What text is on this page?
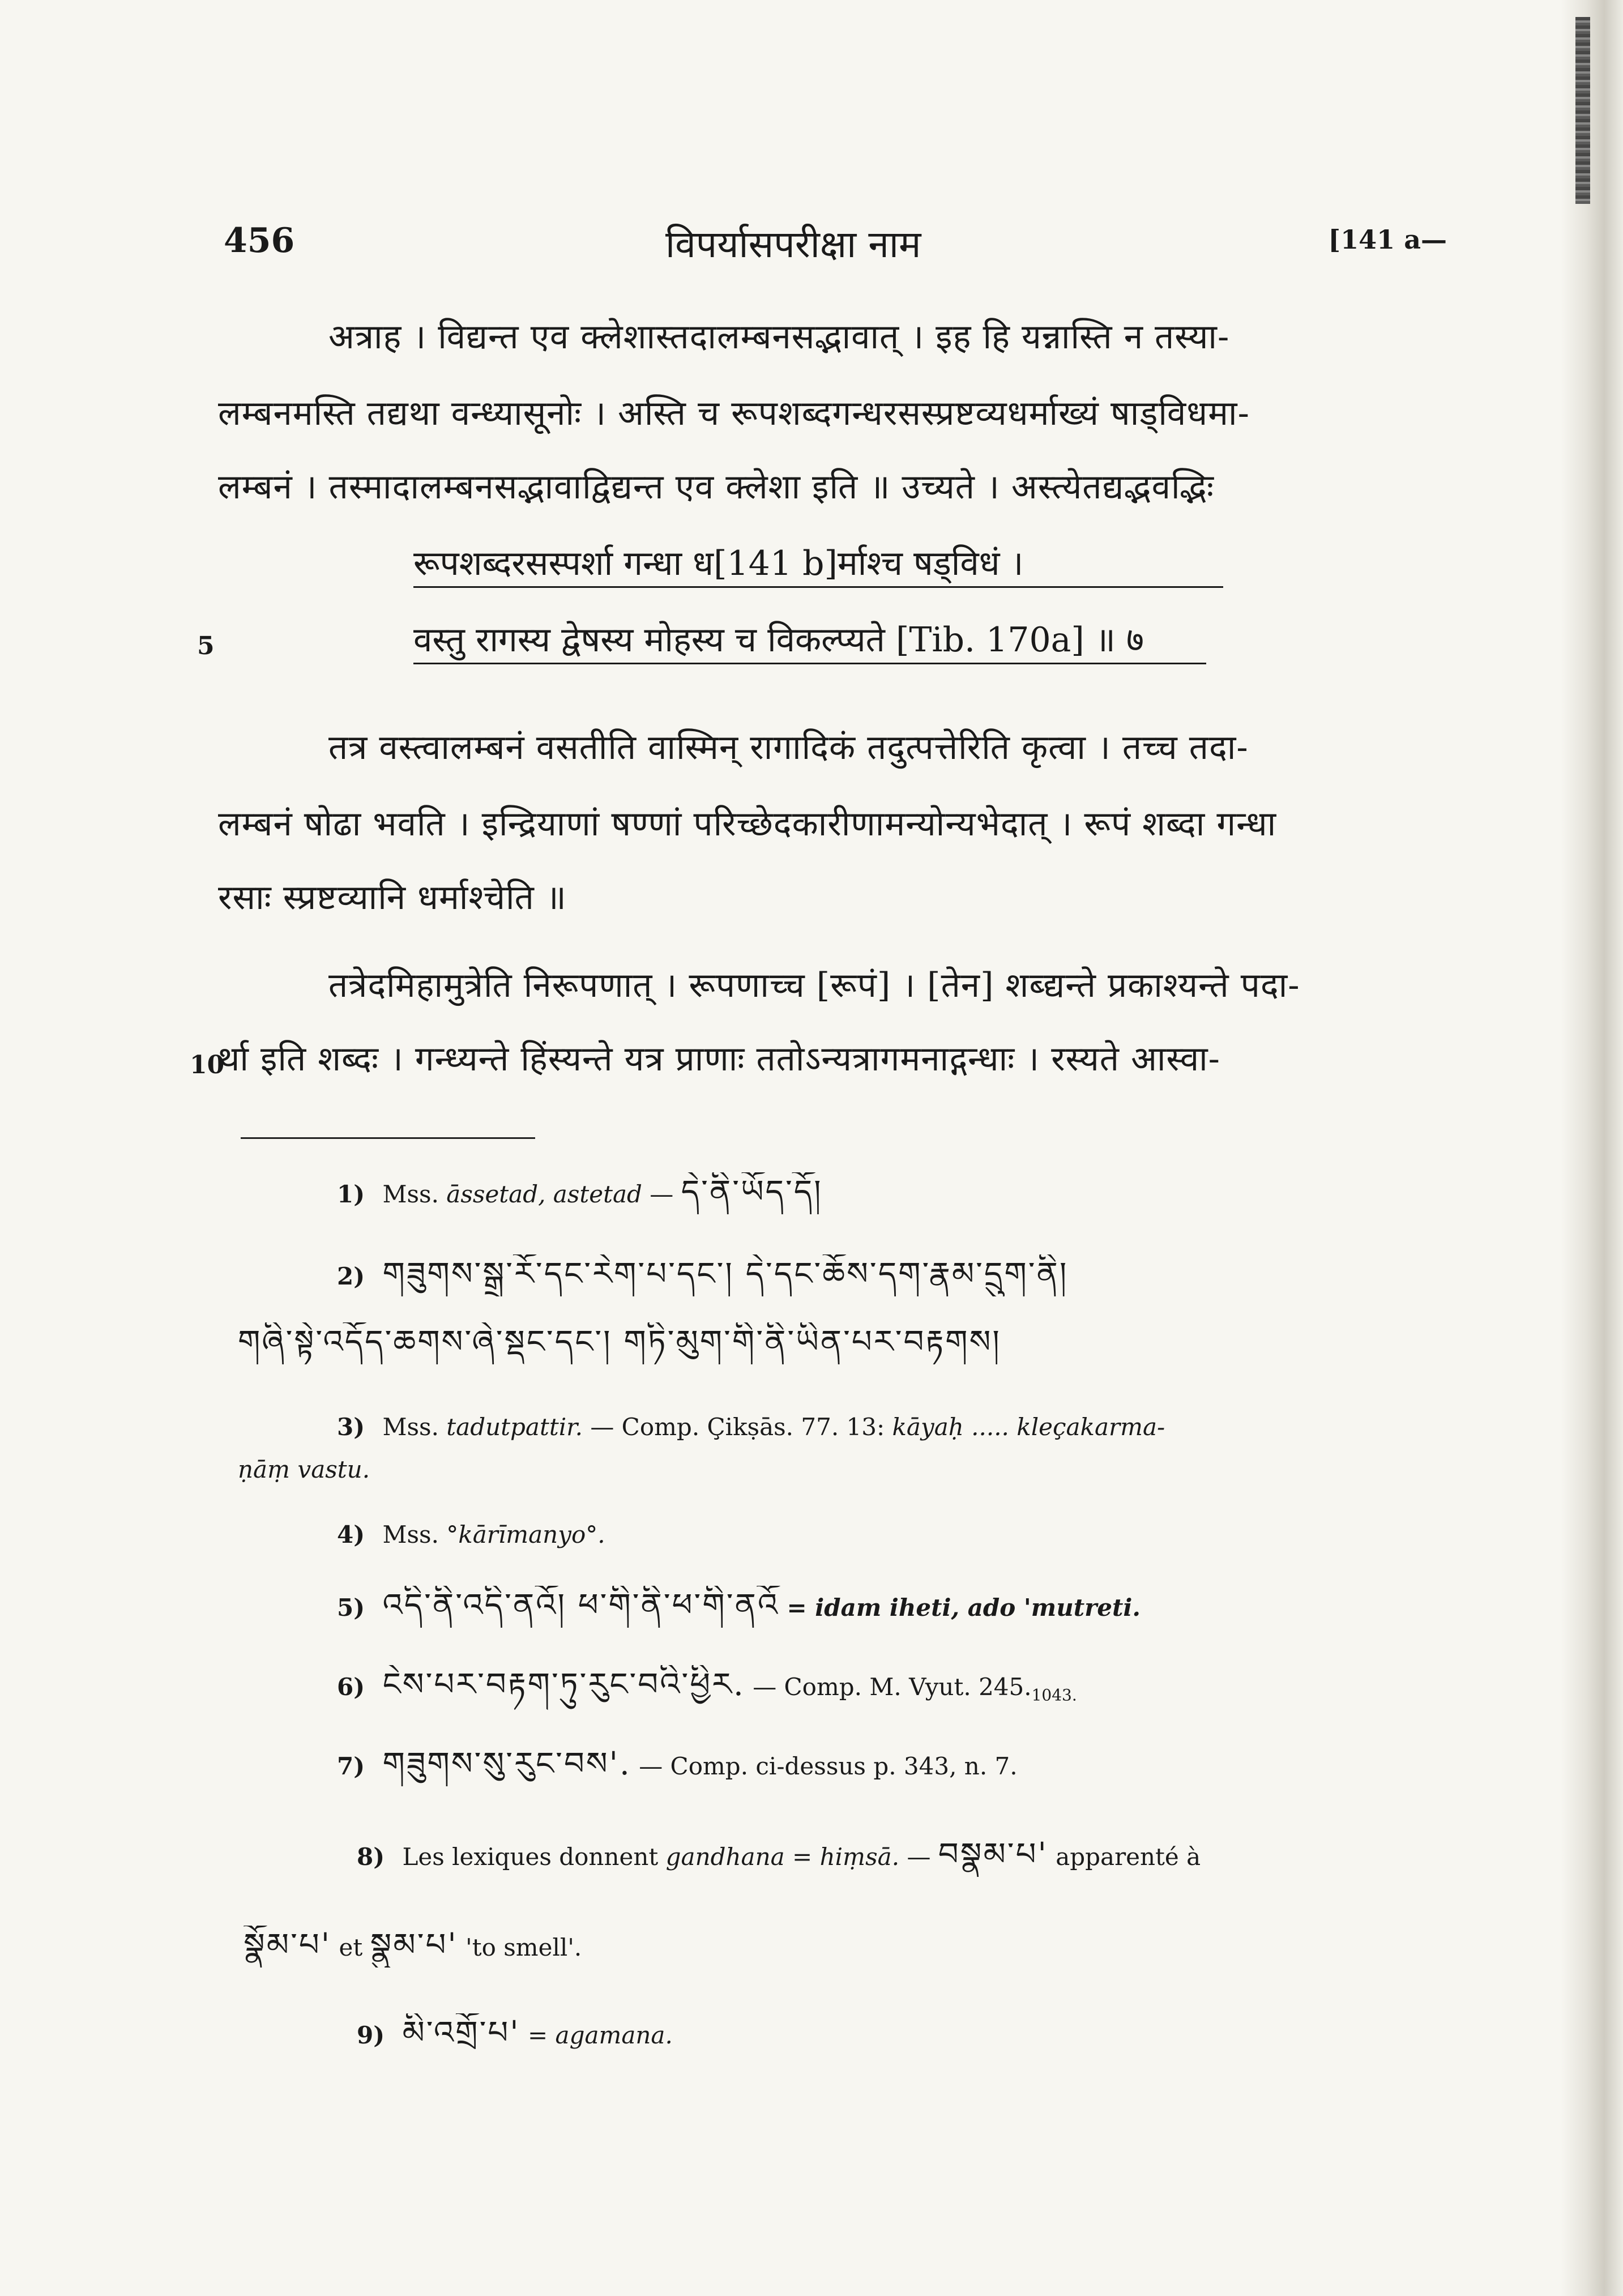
456	विपर्यासपरीक्षा नाम	[141 a—
अत्राह । विद्यन्त एव क्लेशास्तदालम्बनसद्भावात् । इह हि यन्नास्ति न तस्या-
लम्बनमस्ति तद्यथा वन्ध्यासूनोः । अस्ति च रूपशब्दगन्धरसस्प्रष्टव्यधर्माख्यं षाड्विधमा-
लम्बनं । तस्मादालम्बनसद्भावाद्विद्यन्त एव क्लेशा इति ॥ उच्यते । अस्त्येतद्यद्भवद्भिः
रूपशब्दरसस्पर्शा गन्धा ध[141 b]र्माश्च षड्विधं ।
वस्तु रागस्य द्वेषस्य मोहस्य च विकल्प्यते [Tib. 170a] ॥ ७
5
तत्र वस्त्वालम्बनं वसतीति वास्मिन् रागादिकं तदुत्पत्तेरिति कृत्वा । तच्च तदा-
लम्बनं षोढा भवति । इन्द्रियाणां षण्णां परिच्छेदकारीणामन्योन्यभेदात् । रूपं शब्दा गन्धा
रसाः स्प्रष्टव्यानि धर्माश्चेति ॥
तत्रेदमिहामुत्रेति निरूपणात् । रूपणाच्च [रूपं] । [तेन] शब्द्यन्ते प्रकाश्यन्ते पदा-
र्था इति शब्दः । गन्ध्यन्ते हिंस्यन्ते यत्र प्राणाः ततोऽन्यत्रागमनाद्गन्धाः । रस्यते आस्वा-
10
1) Mss. āssetad, astetad — དེ་ནི་ཡོད་དོ།
2) གཟུགས་སྒྲ་རོ་དང་རེག་པ་དང་། དེ་དང་ཆོས་དག་རྣམ་དྲུག་ནི།
གཞི་སྟེ་འདོད་ཆགས་ཞེ་སྡང་དང་། གཏི་མུག་གི་ནི་ཡིན་པར་བརྟགས།
3) Mss. tadutpattir. — Comp. Çikṣās. 77. 13: kāyaḥ ..... kleçakarma-
ṇāṃ vastu.
4) Mss. °kārīmanyo°.
5) འདི་ནི་འདི་ནའོ། ཕ་གི་ནི་ཕ་གི་ནའོ = idam iheti, ado 'mutreti.
6) ངེས་པར་བརྟག་ཏུ་རུང་བའི་ཕྱིར. — Comp. M. Vyut. $245._{1043.}$
7) གཟུགས་སུ་རུང་བས'. — Comp. ci-dessus p. 343, n. 7.
8) Les lexiques donnent gandhana = hiṃsā. — བསྣམ་པ' apparenté à
སྣོམ་པ' et སྣུམ་པ' 'to smell'.
9) མི་འགྲོ་པ' = agamana.
